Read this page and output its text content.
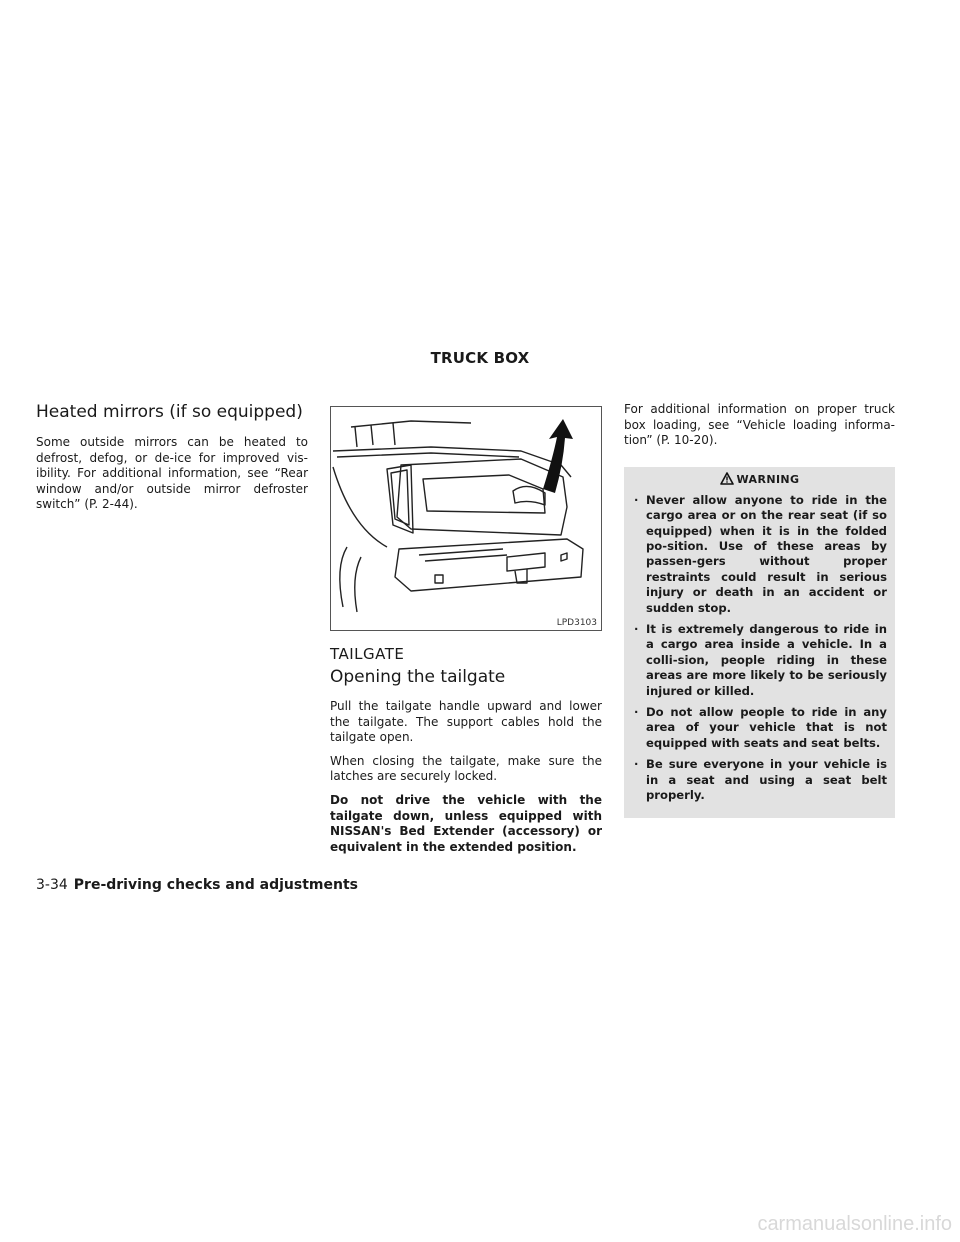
TRUCK BOX
Heated mirrors (if so equipped)

Some outside mirrors can be heated to defrost, defog, or de-ice for improved vis-ibility. For additional information, see “Rear window and/or outside mirror defroster switch” (P. 2-44).

LPD3103
TAILGATE
Opening the tailgate

Pull the tailgate handle upward and lower the tailgate. The support cables hold the tailgate open.

When closing the tailgate, make sure the latches are securely locked.

Do not drive the vehicle with the tailgate down, unless equipped with NISSAN's Bed Extender (accessory) or equivalent in the extended position.

For additional information on proper truck box loading, see “Vehicle loading informa-tion” (P. 10-20).

WARNING
· Never allow anyone to ride in the cargo area or on the rear seat (if so equipped) when it is in the folded po-sition. Use of these areas by passen-gers without proper restraints could result in serious injury or death in an accident or sudden stop.
· It is extremely dangerous to ride in a cargo area inside a vehicle. In a colli-sion, people riding in these areas are more likely to be seriously injured or killed.
· Do not allow people to ride in any area of your vehicle that is not equipped with seats and seat belts.
· Be sure everyone in your vehicle is in a seat and using a seat belt properly.
3-34 Pre-driving checks and adjustments
carmanualsonline.info
